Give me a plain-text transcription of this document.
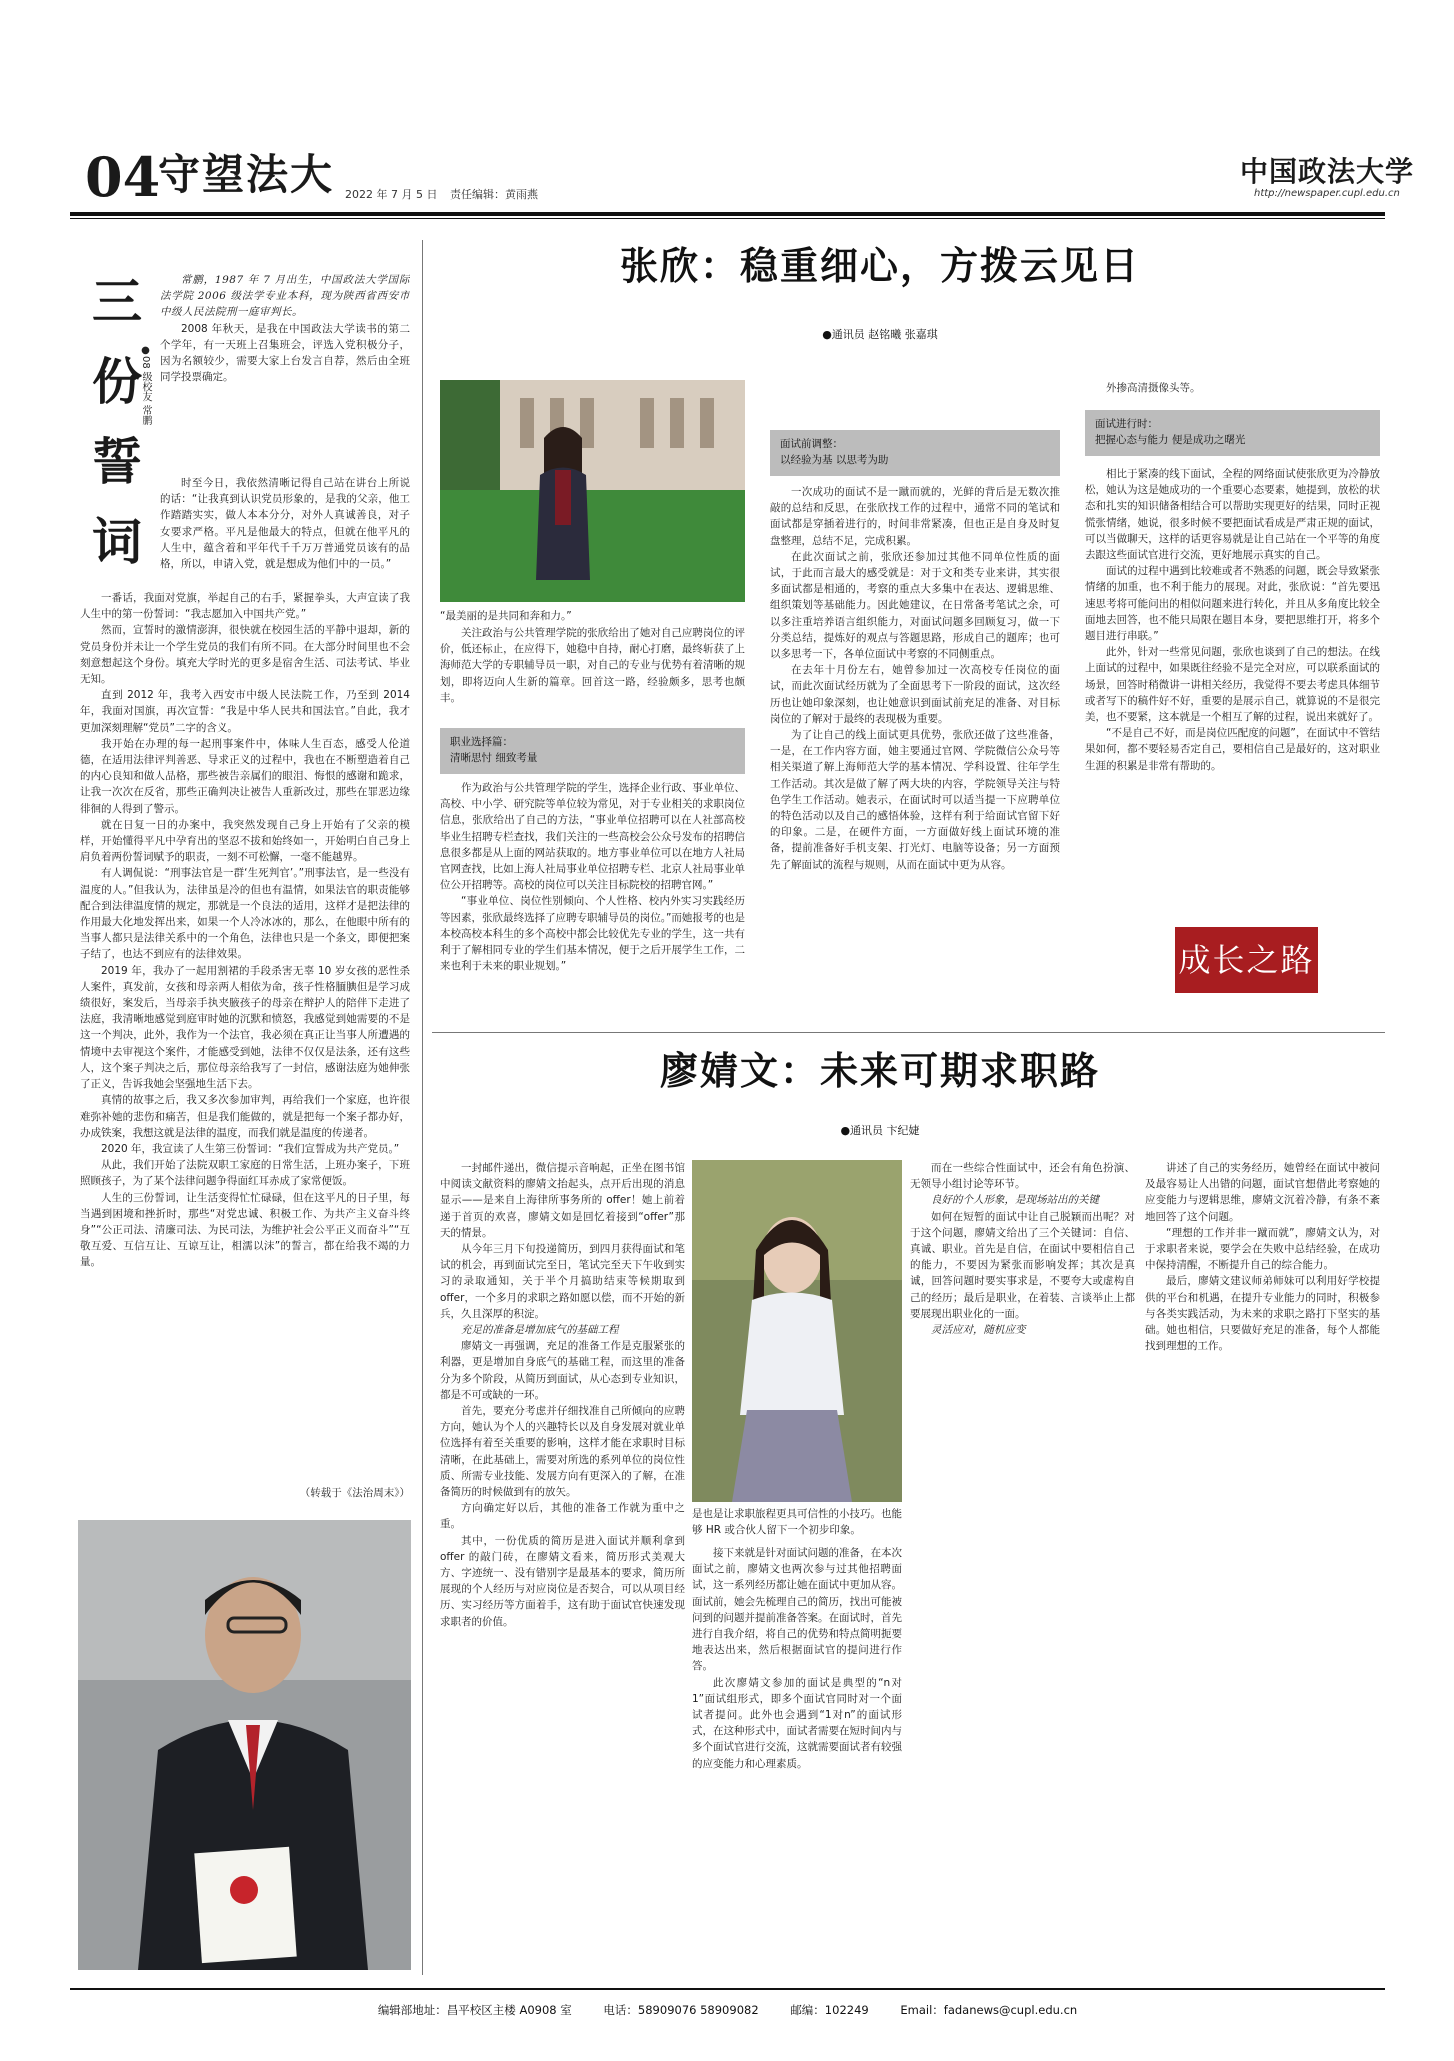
04
守望法大 2022 年 7 月 5 日 责任编辑：黄雨燕
中国政法大学
http://newspaper.cupl.edu.cn
三
份
誓
词
●08 级校友 常鹏

常鹏，1987 年 7 月出生，中国政法大学国际法学院 2006 级法学专业本科，现为陕西省西安市中级人民法院刑一庭审判长。

2008 年秋天，是我在中国政法大学读书的第二个学年，有一天班上召集班会，评选入党积极分子，因为名额较少，需要大家上台发言自荐，然后由全班同学投票确定。

时至今日，我依然清晰记得自己站在讲台上所说的话：“让我真到认识党员形象的，是我的父亲，他工作踏踏实实，做人本本分分，对外人真诚善良，对子女要求严格。平凡是他最大的特点，但就在他平凡的人生中，蕴含着和平年代千千万万普通党员该有的品格，所以，申请入党，就是想成为他们中的一员。”

一番话，我面对党旗，举起自己的右手，紧握拳头，大声宣读了我人生中的第一份誓词：“我志愿加入中国共产党。”

然而，宣誓时的激情澎湃，很快就在校园生活的平静中退却，新的党员身份并未让一个学生党员的我们有所不同。在大部分时间里也不会刻意想起这个身份。填充大学时光的更多是宿舍生活、司法考试、毕业无知。

直到 2012 年，我考入西安市中级人民法院工作，乃至到 2014 年，我面对国旗，再次宣誓：“我是中华人民共和国法官。”自此，我才更加深刻理解“党员”二字的含义。

我开始在办理的每一起刑事案件中，体味人生百态，感受人伦道德，在适用法律评判善恶、导求正义的过程中，我也在不断塑造着自己的内心良知和做人品格，那些被告亲属们的眼泪、悔恨的感谢和跪求，让我一次次在反省，那些正确判决让被告人重新改过，那些在罪恶边缘徘徊的人得到了警示。

就在日复一日的办案中，我突然发现自己身上开始有了父亲的模样，开始懂得平凡中孕育出的坚忍不拔和始终如一，开始明白自己身上肩负着两份誓词赋予的职责，一刻不可松懈，一毫不能越界。

有人调侃说：“刑事法官是一群‘生死判官’。”刑事法官，是一些没有温度的人。”但我认为，法律虽是冷的但也有温情，如果法官的职责能够配合到法律温度情的规定，那就是一个良法的适用，这样才是把法律的作用最大化地发挥出来，如果一个人冷冰冰的，那么，在他眼中所有的当事人都只是法律关系中的一个角色，法律也只是一个条文，即便把案子结了，也达不到应有的法律效果。

2019 年，我办了一起用割裙的手段杀害无辜 10 岁女孩的恶性杀人案件，真发前，女孩和母亲两人相依为命，孩子性格腼腆但是学习成绩很好，案发后，当母亲手执夹腋孩子的母亲在辩护人的陪伴下走进了法庭，我清晰地感觉到庭审时她的沉默和愤怒，我感觉到她需要的不是这一个判决，此外，我作为一个法官，我必须在真正让当事人所遭遇的情境中去审视这个案件，才能感受到她，法律不仅仅是法条，还有这些人，这个案子判决之后，那位母亲给我写了一封信，感谢法庭为她伸张了正义，告诉我她会坚强地生活下去。

真情的故事之后，我又多次参加审判，再给我们一个家庭，也许很难弥补她的悲伤和痛苦，但是我们能做的，就是把每一个案子都办好，办成铁案，我想这就是法律的温度，而我们就是温度的传递者。

2020 年，我宣读了人生第三份誓词：“我们宣誓成为共产党员。”

从此，我们开始了法院双职工家庭的日常生活，上班办案子，下班照顾孩子，为了某个法律问题争得面红耳赤成了家常便饭。

人生的三份誓词，让生活变得忙忙碌碌，但在这平凡的日子里，每当遇到困境和挫折时，那些“对党忠诚、积极工作、为共产主义奋斗终身”“公正司法、清廉司法、为民司法，为维护社会公平正义而奋斗”“互敬互爱、互信互让、互谅互让，相濡以沫”的誓言，都在给我不竭的力量。

（转载于《法治周末》）

张欣：稳重细心，方拨云见日
●通讯员 赵铭曦 张嘉琪
“最美丽的是共同和奔和力。”

关注政治与公共管理学院的张欣给出了她对自己应聘岗位的评价，低还标止，在应得下，她稳中自持，耐心打磨，最终斩获了上海师范大学的专职辅导员一职，对自己的专业与优势有着清晰的规划，即将迈向人生新的篇章。回首这一路，经验颇多，思考也颇丰。

职业选择篇：
清晰思忖 细致考量

作为政治与公共管理学院的学生，选择企业行政、事业单位、高校、中小学、研究院等单位较为常见，对于专业相关的求职岗位信息，张欣给出了自己的方法，“事业单位招聘可以在人社部高校毕业生招聘专栏查找，我们关注的一些高校会公众号发布的招聘信息很多都是从上面的网站获取的。地方事业单位可以在地方人社局官网查找，比如上海人社局事业单位招聘专栏、北京人社局事业单位公开招聘等。高校的岗位可以关注目标院校的招聘官网。”

“事业单位、岗位性别倾向、个人性格、校内外实习实践经历等因素，张欣最终选择了应聘专职辅导员的岗位。”而她报考的也是本校高校本科生的多个高校中都会比较优先专业的学生，这一共有利于了解相同专业的学生们基本情况，便于之后开展学生工作，二来也利于未来的职业规划。”

面试前调整：
以经验为基 以思考为助

一次成功的面试不是一蹴而就的，光鲜的背后是无数次推敲的总结和反思，在张欣找工作的过程中，通常不同的笔试和面试都是穿插着进行的，时间非常紧凑，但也正是自身及时复盘整理，总结不足，完成积累。

在此次面试之前，张欣还参加过其他不同单位性质的面试，于此而言最大的感受就是：对于文和类专业来讲，其实很多面试都是相通的，考察的重点大多集中在表达、逻辑思维、组织策划等基础能力。因此她建议，在日常备考笔试之余，可以多注重培养语言组织能力，对面试问题多回顾复习，做一下分类总结，提炼好的观点与答题思路，形成自己的题库；也可以多思考一下，各单位面试中考察的不同侧重点。

在去年十月份左右，她曾参加过一次高校专任岗位的面试，而此次面试经历就为了全面思考下一阶段的面试，这次经历也让她印象深刻，也让她意识到面试前充足的准备、对目标岗位的了解对于最终的表现极为重要。

为了让自己的线上面试更具优势，张欣还做了这些准备，一是，在工作内容方面，她主要通过官网、学院微信公众号等相关渠道了解上海师范大学的基本情况、学科设置、往年学生工作活动。其次是做了解了两大块的内容，学院领导关注与特色学生工作活动。她表示，在面试时可以适当提一下应聘单位的特色活动以及自己的感悟体验，这样有利于给面试官留下好的印象。二是，在硬件方面，一方面做好线上面试环境的准备，提前准备好手机支架、打光灯、电脑等设备；另一方面预先了解面试的流程与规则，从而在面试中更为从容。

面试进行时：
把握心态与能力 便是成功之曙光

外掺高清摄像头等。

相比于紧凑的线下面试，全程的网络面试使张欣更为冷静放松，她认为这是她成功的一个重要心态要素，她提到，放松的状态和扎实的知识储备相结合可以帮助实现更好的结果，同时正视慌张情绪，她说，很多时候不要把面试看成是严肃正规的面试，可以当做聊天，这样的话更容易就是让自己站在一个平等的角度去跟这些面试官进行交流，更好地展示真实的自己。

面试的过程中遇到比较难或者不熟悉的问题，既会导致紧张情绪的加重，也不利于能力的展现。对此，张欣说：“首先要迅速思考将可能问出的相似问题来进行转化，并且从多角度比较全面地去回答，也不能只局限在题目本身，要把思维打开，将多个题目进行串联。”

此外，针对一些常见问题，张欣也谈到了自己的想法。在线上面试的过程中，如果既往经验不是完全对应，可以联系面试的场景，回答时稍微讲一讲相关经历，我觉得不要去考虑具体细节或者写下的稿件好不好，重要的是展示自己，就算说的不是很完美，也不要紧，这本就是一个相互了解的过程，说出来就好了。

“不是自己不好，而是岗位匹配度的问题”，在面试中不管结果如何，都不要轻易否定自己，要相信自己是最好的，这对职业生涯的积累是非常有帮助的。

成长之路
廖婧文：未来可期求职路
●通讯员 卞纪婕

一封邮件递出，微信提示音响起，正坐在图书馆中阅读文献资料的廖婧文抬起头，点开后出现的消息显示——是来自上海律所事务所的 offer！她上前着递于首页的欢喜，廖婧文如是回忆着接到“offer”那天的情景。

从今年三月下旬投递简历，到四月获得面试和笔试的机会，再到面试完至日，笔试完至天下午收到实习的录取通知，关于半个月搞助结束等候期取到 offer，一个多月的求职之路如愿以偿，而不开始的新兵，久且深厚的积淀。

充足的准备是增加底气的基础工程

廖婧文一再强调，充足的准备工作是克服紧张的利器，更是增加自身底气的基础工程，而这里的准备分为多个阶段，从简历到面试，从心态到专业知识，都是不可或缺的一环。

首先，要充分考虑并仔细找准自己所倾向的应聘方向，她认为个人的兴趣特长以及自身发展对就业单位选择有着至关重要的影响，这样才能在求职时目标清晰，在此基础上，需要对所选的系列单位的岗位性质、所需专业技能、发展方向有更深入的了解，在准备简历的时候做到有的放矢。

方向确定好以后，其他的准备工作就为重中之重。

其中，一份优质的简历是进入面试并顺利拿到 offer 的敲门砖，在廖婧文看来，简历形式美观大方、字迹统一、没有错别字是最基本的要求，简历所展现的个人经历与对应岗位是否契合，可以从项目经历、实习经历等方面着手，这有助于面试官快速发现求职者的价值。

是也是让求职旅程更具可信性的小技巧。也能够 HR 或合伙人留下一个初步印象。

接下来就是针对面试问题的准备，在本次面试之前，廖婧文也两次参与过其他招聘面试，这一系列经历都让她在面试中更加从容。面试前，她会先梳理自己的简历，找出可能被问到的问题并提前准备答案。在面试时，首先进行自我介绍，将自己的优势和特点简明扼要地表达出来，然后根据面试官的提问进行作答。

此次廖婧文参加的面试是典型的“n对1”面试组形式，即多个面试官同时对一个面试者提问。此外也会遇到“1对n”的面试形式，在这种形式中，面试者需要在短时间内与多个面试官进行交流，这就需要面试者有较强的应变能力和心理素质。

而在一些综合性面试中，还会有角色扮演、无领导小组讨论等环节。

良好的个人形象，是现场站出的关键

如何在短暂的面试中让自己脱颖而出呢？对于这个问题，廖婧文给出了三个关键词：自信、真诚、职业。首先是自信，在面试中要相信自己的能力，不要因为紧张而影响发挥；其次是真诚，回答问题时要实事求是，不要夸大或虚构自己的经历；最后是职业，在着装、言谈举止上都要展现出职业化的一面。

灵活应对，随机应变

讲述了自己的实务经历，她曾经在面试中被问及最容易让人出错的问题，面试官想借此考察她的应变能力与逻辑思维，廖婧文沉着冷静，有条不紊地回答了这个问题。

“理想的工作并非一蹴而就”，廖婧文认为，对于求职者来说，要学会在失败中总结经验，在成功中保持清醒，不断提升自己的综合能力。

最后，廖婧文建议师弟师妹可以利用好学校提供的平台和机遇，在提升专业能力的同时，积极参与各类实践活动，为未来的求职之路打下坚实的基础。她也相信，只要做好充足的准备，每个人都能找到理想的工作。

编辑部地址：昌平校区主楼 A0908 室	电话：58909076 58909082	邮编：102249	Email：fadanews@cupl.edu.cn
